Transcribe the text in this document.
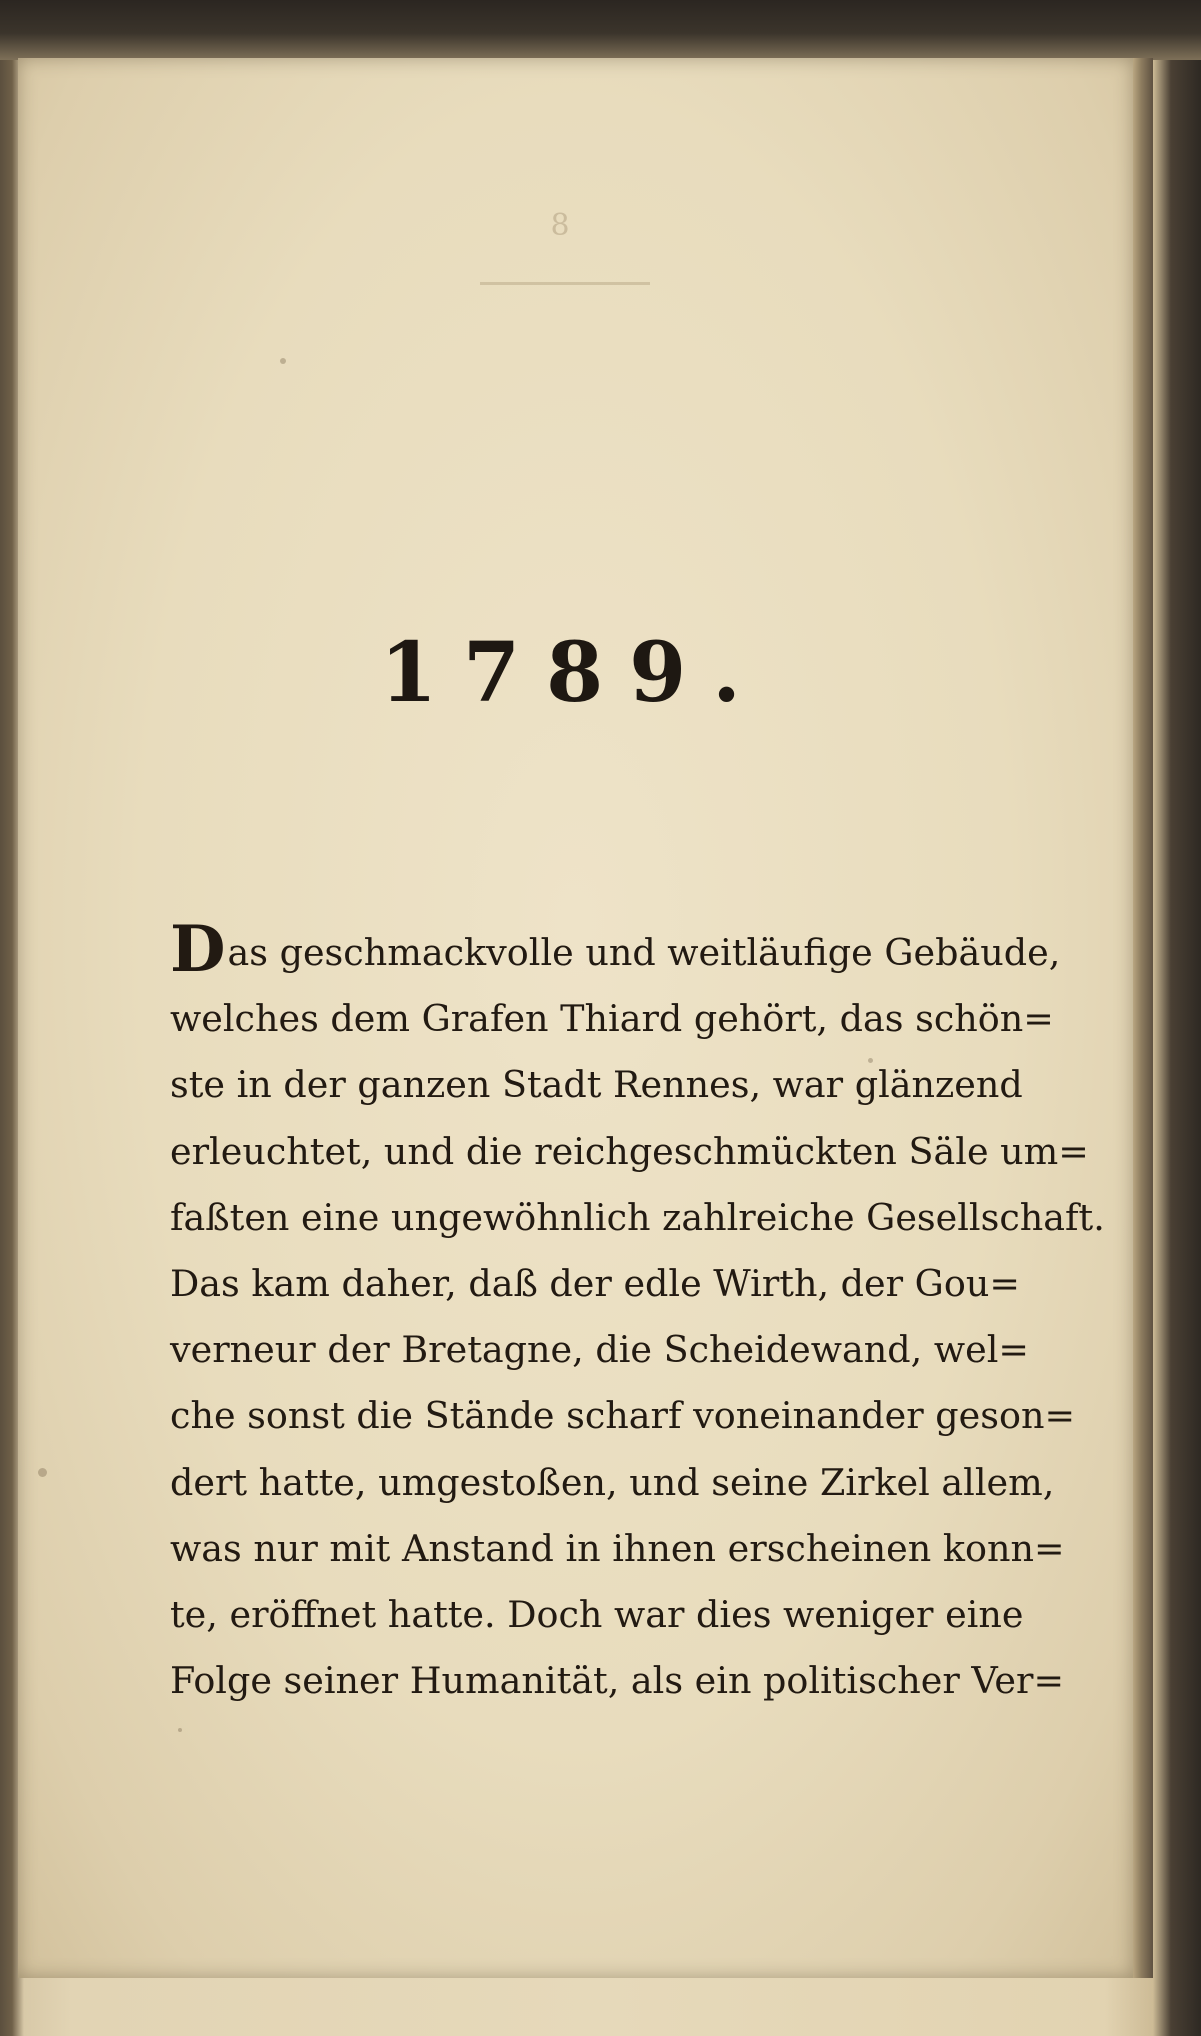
8

1789.
Das geschmackvolle und weitläufige Gebäude,
welches dem Grafen Thiard gehört, das schön=
ste in der ganzen Stadt Rennes, war glänzend
erleuchtet, und die reichgeschmückten Säle um=
faßten eine ungewöhnlich zahlreiche Gesellschaft.
Das kam daher, daß der edle Wirth, der Gou=
verneur der Bretagne, die Scheidewand, wel=
che sonst die Stände scharf voneinander geson=
dert hatte, umgestoßen, und seine Zirkel allem,
was nur mit Anstand in ihnen erscheinen konn=
te, eröffnet hatte. Doch war dies weniger eine
Folge seiner Humanität, als ein politischer Ver=
